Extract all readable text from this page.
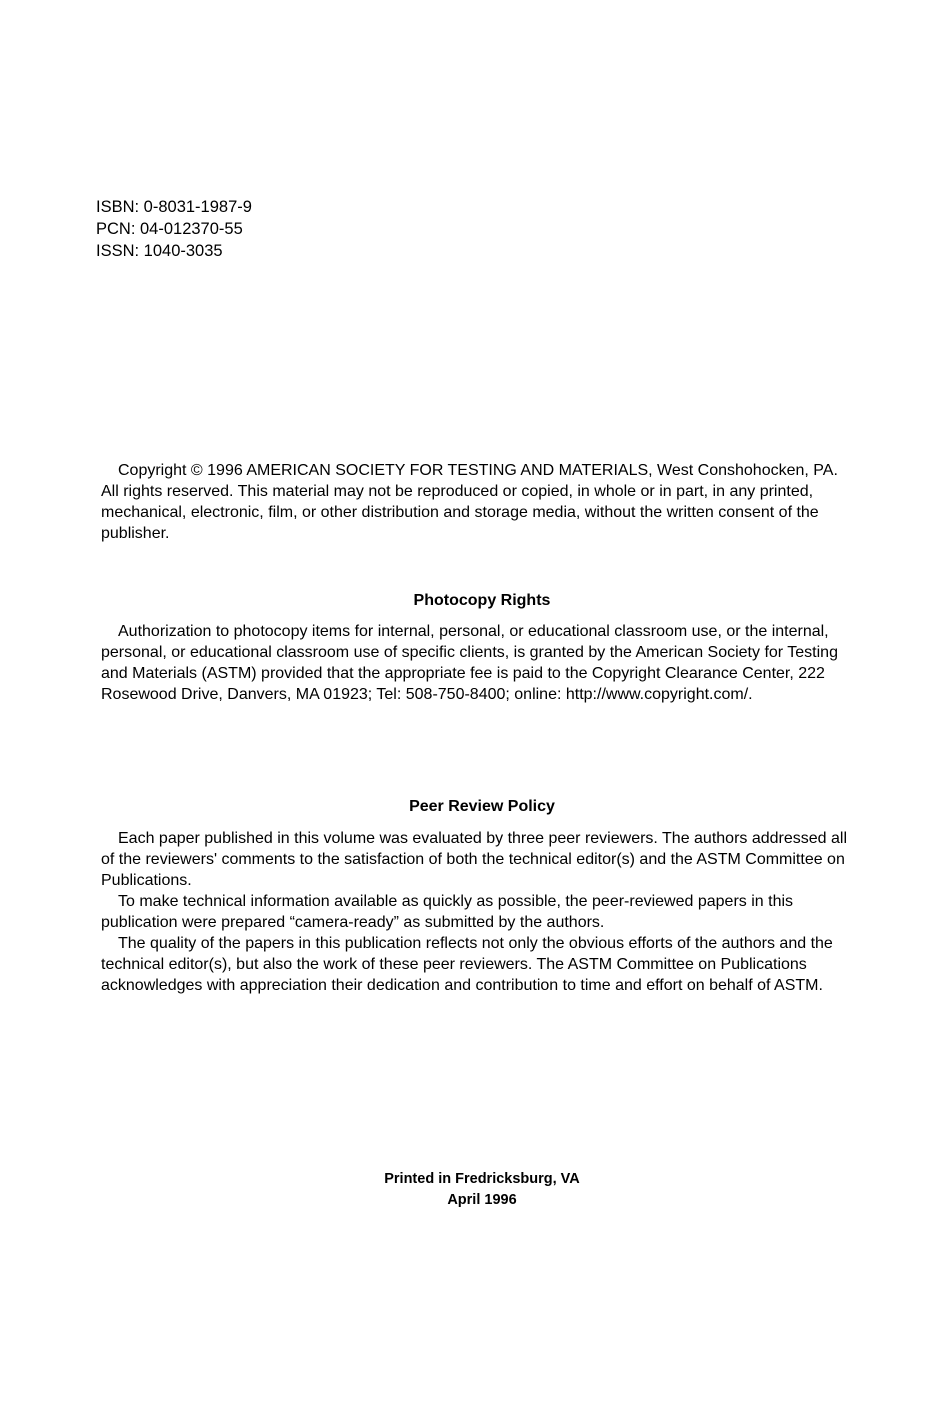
ISBN: 0-8031-1987-9
PCN: 04-012370-55
ISSN: 1040-3035

Copyright © 1996 AMERICAN SOCIETY FOR TESTING AND MATERIALS, West Conshohocken, PA. All rights reserved. This material may not be reproduced or copied, in whole or in part, in any printed, mechanical, electronic, film, or other distribution and storage media, without the written consent of the publisher.

Photocopy Rights

Authorization to photocopy items for internal, personal, or educational classroom use, or the internal, personal, or educational classroom use of specific clients, is granted by the American Society for Testing and Materials (ASTM) provided that the appropriate fee is paid to the Copyright Clearance Center, 222 Rosewood Drive, Danvers, MA 01923; Tel: 508-750-8400; online: http://www.copyright.com/.

Peer Review Policy

Each paper published in this volume was evaluated by three peer reviewers. The authors addressed all of the reviewers' comments to the satisfaction of both the technical editor(s) and the ASTM Committee on Publications.

To make technical information available as quickly as possible, the peer-reviewed papers in this publication were prepared “camera-ready” as submitted by the authors.

The quality of the papers in this publication reflects not only the obvious efforts of the authors and the technical editor(s), but also the work of these peer reviewers. The ASTM Committee on Publications acknowledges with appreciation their dedication and contribution to time and effort on behalf of ASTM.

Printed in Fredricksburg, VA
April 1996
